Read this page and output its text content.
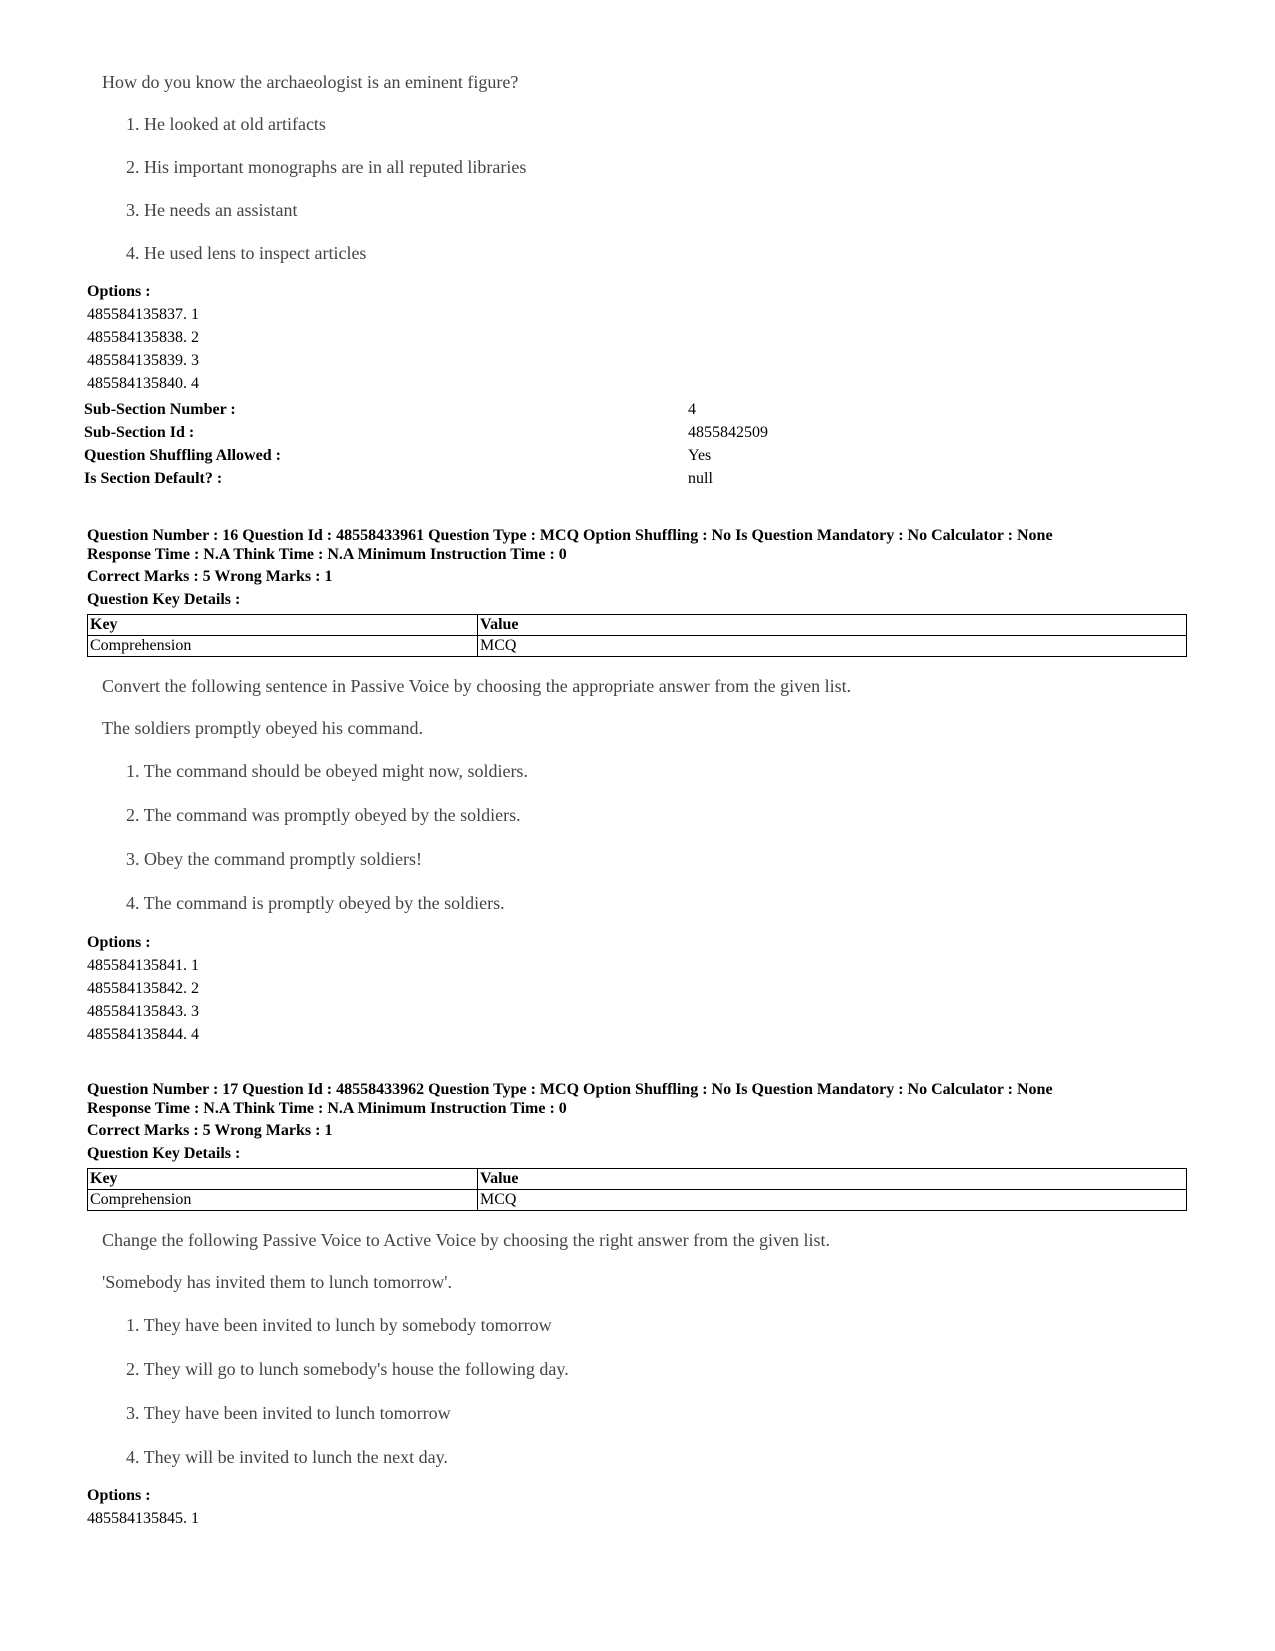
How do you know the archaeologist is an eminent figure?
1. He looked at old artifacts
2. His important monographs are in all reputed libraries
3. He needs an assistant
4. He used lens to inspect articles
Options :
485584135837. 1
485584135838. 2
485584135839. 3
485584135840. 4
Sub-Section Number :	4
Sub-Section Id :	4855842509
Question Shuffling Allowed :	Yes
Is Section Default? :	null
Question Number : 16 Question Id : 48558433961 Question Type : MCQ Option Shuffling : No Is Question Mandatory : No Calculator : None
Response Time : N.A Think Time : N.A Minimum Instruction Time : 0
Correct Marks : 5 Wrong Marks : 1
Question Key Details :
Key	Value
Comprehension	MCQ
Convert the following sentence in Passive Voice by choosing the appropriate answer from the given list.
The soldiers promptly obeyed his command.
1. The command should be obeyed might now, soldiers.
2. The command was promptly obeyed by the soldiers.
3. Obey the command promptly soldiers!
4. The command is promptly obeyed by the soldiers.
Options :
485584135841. 1
485584135842. 2
485584135843. 3
485584135844. 4
Question Number : 17 Question Id : 48558433962 Question Type : MCQ Option Shuffling : No Is Question Mandatory : No Calculator : None
Response Time : N.A Think Time : N.A Minimum Instruction Time : 0
Correct Marks : 5 Wrong Marks : 1
Question Key Details :
Key	Value
Comprehension	MCQ
Change the following Passive Voice to Active Voice by choosing the right answer from the given list.
'Somebody has invited them to lunch tomorrow'.
1. They have been invited to lunch by somebody tomorrow
2. They will go to lunch somebody's house the following day.
3. They have been invited to lunch tomorrow
4. They will be invited to lunch the next day.
Options :
485584135845. 1
